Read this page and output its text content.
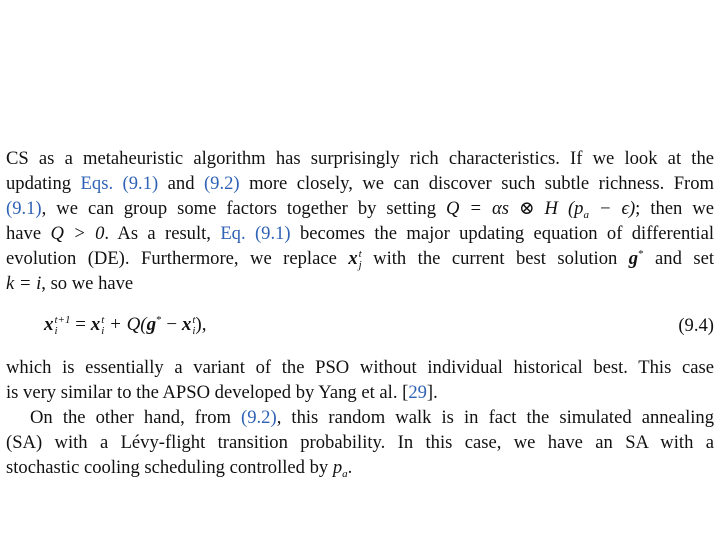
CS as a metaheuristic algorithm has surprisingly rich characteristics. If we look at the
updating Eqs. (9.1) and (9.2) more closely, we can discover such subtle richness. From
(9.1), we can group some factors together by setting Q = αs ⊗ H $(p_a - \epsilon)$; then we
have Q > 0. As a result, Eq. (9.1) becomes the major updating equation of differential
evolution (DE). Furthermore, we replace x t
j with the current best solution g* and set
k = i, so we have
x t+1
i = x t
i + Q(g* − x t
i ),	(9.4)
which is essentially a variant of the PSO without individual historical best. This case
is very similar to the APSO developed by Yang et al. [29].
On the other hand, from (9.2), this random walk is in fact the simulated annealing
(SA) with a Lévy-flight transition probability. In this case, we have an SA with a
stochastic cooling scheduling controlled by $p_a$.
